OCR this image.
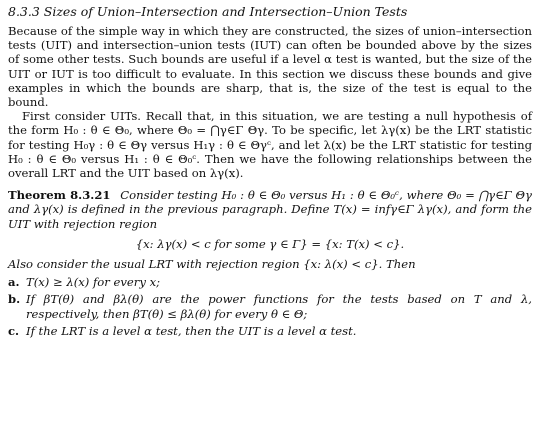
8.3.3 Sizes of Union–Intersection and Intersection–Union Tests

Because of the simple way in which they are constructed, the sizes of union–intersection tests (UIT) and intersection–union tests (IUT) can often be bounded above by the sizes of some other tests. Such bounds are useful if a level α test is wanted, but the size of the UIT or IUT is too difficult to evaluate. In this section we discuss these bounds and give examples in which the bounds are sharp, that is, the size of the test is equal to the bound.

First consider UITs. Recall that, in this situation, we are testing a null hypothesis of the form H₀ : θ ∈ Θ₀, where Θ₀ = ⋂γ∈Γ Θγ. To be specific, let λγ(x) be the LRT statistic for testing H₀γ : θ ∈ Θγ versus H₁γ : θ ∈ Θγᶜ, and let λ(x) be the LRT statistic for testing H₀ : θ ∈ Θ₀ versus H₁ : θ ∈ Θ₀ᶜ. Then we have the following relationships between the overall LRT and the UIT based on λγ(x).

Theorem 8.3.21 Consider testing H₀ : θ ∈ Θ₀ versus H₁ : θ ∈ Θ₀ᶜ, where Θ₀ = ⋂γ∈Γ Θγ and λγ(x) is defined in the previous paragraph. Define T(x) = infγ∈Γ λγ(x), and form the UIT with rejection region
{x: λγ(x) < c for some γ ∈ Γ} = {x: T(x) < c}.
Also consider the usual LRT with rejection region {x: λ(x) < c}. Then
a. T(x) ≥ λ(x) for every x;
b. If βT(θ) and βλ(θ) are the power functions for the tests based on T and λ, respectively, then βT(θ) ≤ βλ(θ) for every θ ∈ Θ;
c. If the LRT is a level α test, then the UIT is a level α test.
